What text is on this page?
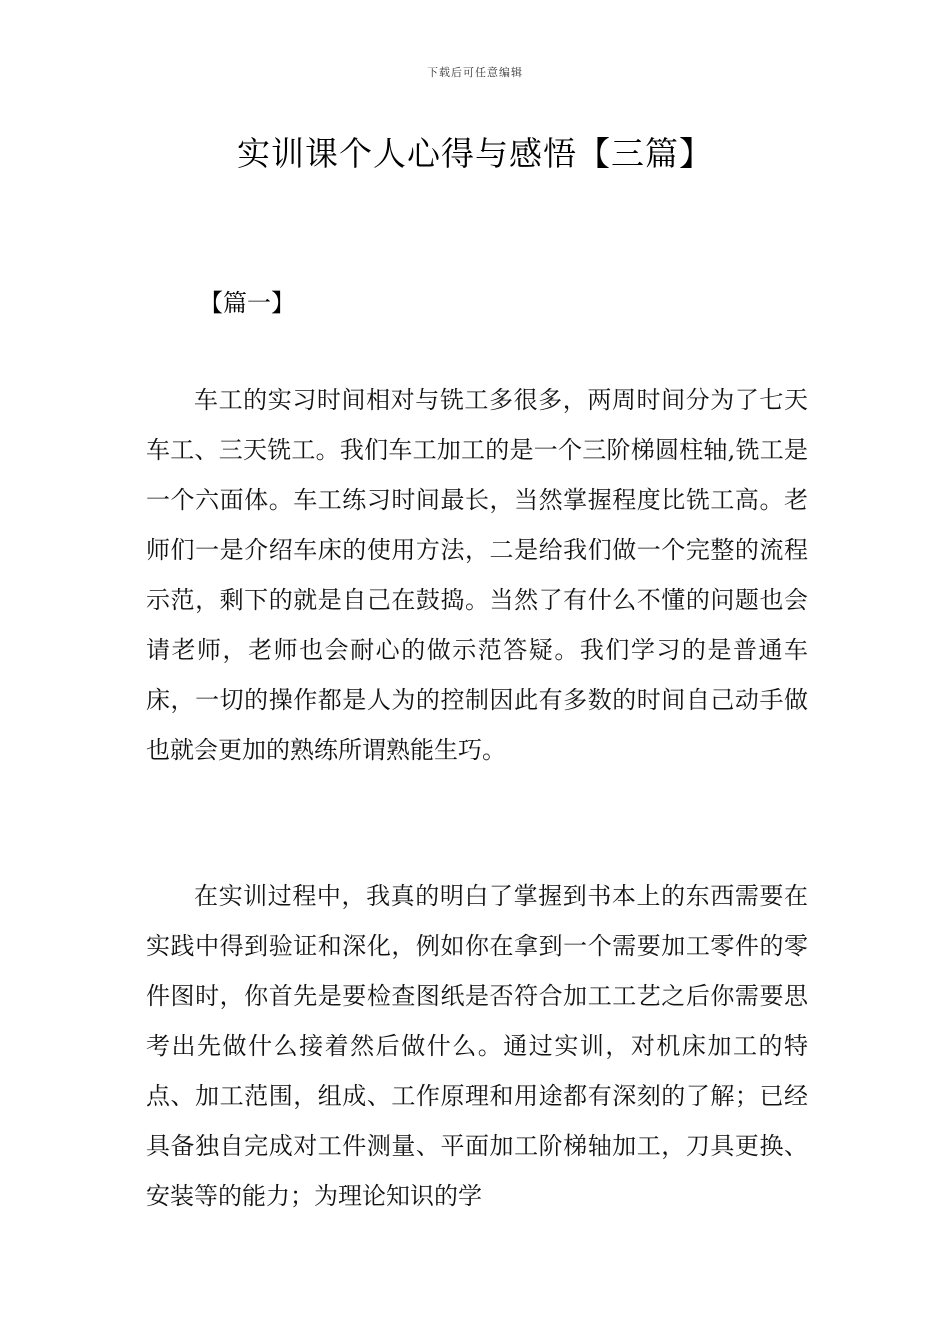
下载后可任意编辑
实训课个人心得与感悟【三篇】
【篇一】

车工的实习时间相对与铣工多很多，两周时间分为了七天车工、三天铣工。我们车工加工的是一个三阶梯圆柱轴,铣工是一个六面体。车工练习时间最长，当然掌握程度比铣工高。老师们一是介绍车床的使用方法，二是给我们做一个完整的流程示范，剩下的就是自己在鼓捣。当然了有什么不懂的问题也会请老师，老师也会耐心的做示范答疑。我们学习的是普通车床，一切的操作都是人为的控制因此有多数的时间自己动手做也就会更加的熟练所谓熟能生巧。

在实训过程中，我真的明白了掌握到书本上的东西需要在实践中得到验证和深化，例如你在拿到一个需要加工零件的零件图时，你首先是要检查图纸是否符合加工工艺之后你需要思考出先做什么接着然后做什么。通过实训，对机床加工的特点、加工范围，组成、工作原理和用途都有深刻的了解；已经具备独自完成对工件测量、平面加工阶梯轴加工，刀具更换、安装等的能力；为理论知识的学
